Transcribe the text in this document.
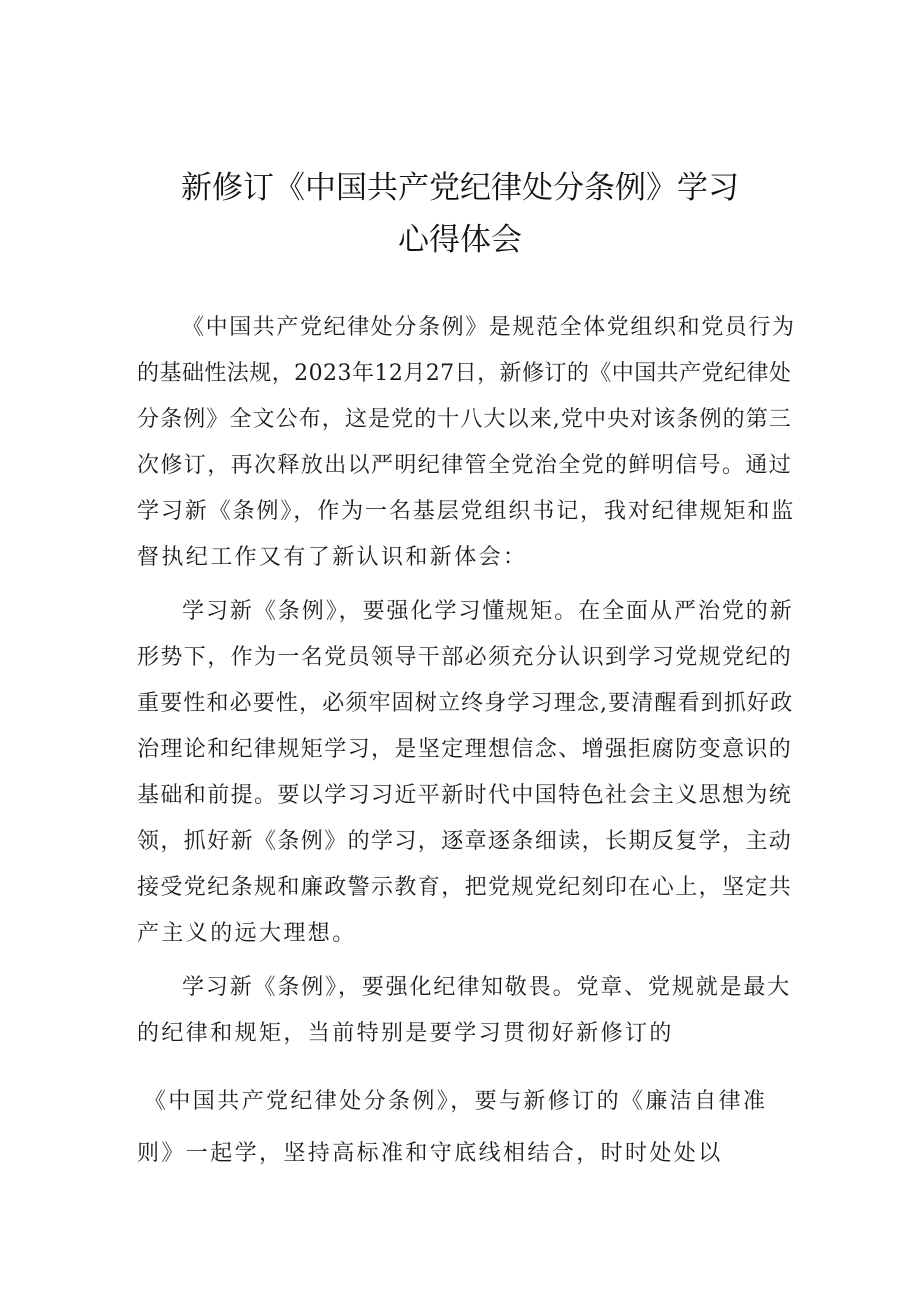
新修订《中国共产党纪律处分条例》学习
心得体会

《中国共产党纪律处分条例》是规范全体党组织和党员行为

的基础性法规，2023年12月27日，新修订的《中国共产党纪律处

分条例》全文公布，这是党的十八大以来,党中央对该条例的第三

次修订，再次释放出以严明纪律管全党治全党的鲜明信号。通过

学习新《条例》，作为一名基层党组织书记，我对纪律规矩和监

督执纪工作又有了新认识和新体会：

学习新《条例》，要强化学习懂规矩。在全面从严治党的新

形势下，作为一名党员领导干部必须充分认识到学习党规党纪的

重要性和必要性，必须牢固树立终身学习理念,要清醒看到抓好政

治理论和纪律规矩学习，是坚定理想信念、增强拒腐防变意识的

基础和前提。要以学习习近平新时代中国特色社会主义思想为统

领，抓好新《条例》的学习，逐章逐条细读，长期反复学，主动

接受党纪条规和廉政警示教育，把党规党纪刻印在心上，坚定共

产主义的远大理想。

学习新《条例》，要强化纪律知敬畏。党章、党规就是最大

的纪律和规矩，当前特别是要学习贯彻好新修订的

《中国共产党纪律处分条例》，要与新修订的《廉洁自律准

则》一起学，坚持高标准和守底线相结合，时时处处以
